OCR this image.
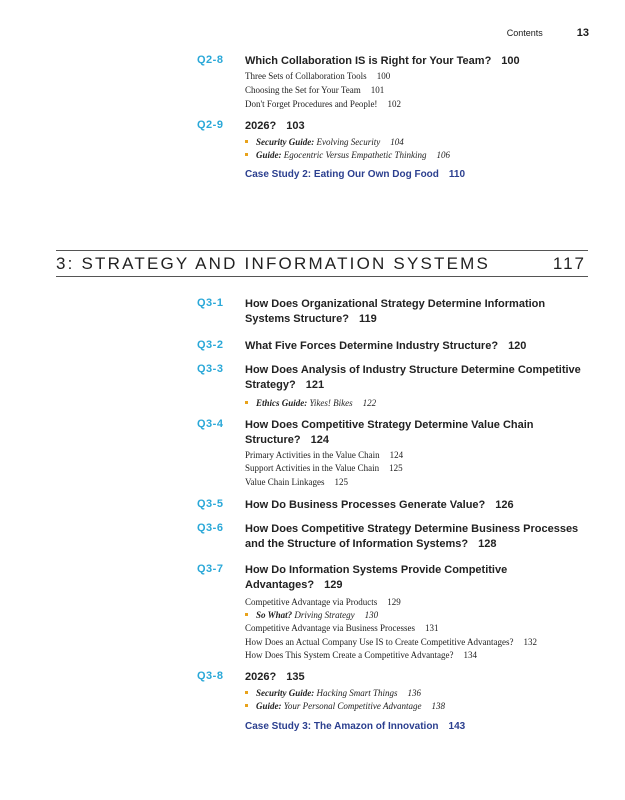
Contents	13
Q2-8 Which Collaboration IS is Right for Your Team? 100
Three Sets of Collaboration Tools 100
Choosing the Set for Your Team 101
Don't Forget Procedures and People! 102
Q2-9 2026? 103
Security Guide: Evolving Security 104
Guide: Egocentric Versus Empathetic Thinking 106
Case Study 2: Eating Our Own Dog Food 110
3: STRATEGY AND INFORMATION SYSTEMS	117
Q3-1 How Does Organizational Strategy Determine Information
Systems Structure? 119
Q3-2 What Five Forces Determine Industry Structure? 120
Q3-3 How Does Analysis of Industry Structure Determine Competitive
Strategy? 121
Ethics Guide: Yikes! Bikes 122
Q3-4 How Does Competitive Strategy Determine Value Chain
Structure? 124
Primary Activities in the Value Chain 124
Support Activities in the Value Chain 125
Value Chain Linkages 125
Q3-5 How Do Business Processes Generate Value? 126
Q3-6 How Does Competitive Strategy Determine Business Processes
and the Structure of Information Systems? 128
Q3-7 How Do Information Systems Provide Competitive
Advantages? 129
Competitive Advantage via Products 129
So What? Driving Strategy 130
Competitive Advantage via Business Processes 131
How Does an Actual Company Use IS to Create Competitive Advantages? 132
How Does This System Create a Competitive Advantage? 134
Q3-8 2026? 135
Security Guide: Hacking Smart Things 136
Guide: Your Personal Competitive Advantage 138
Case Study 3: The Amazon of Innovation 143
